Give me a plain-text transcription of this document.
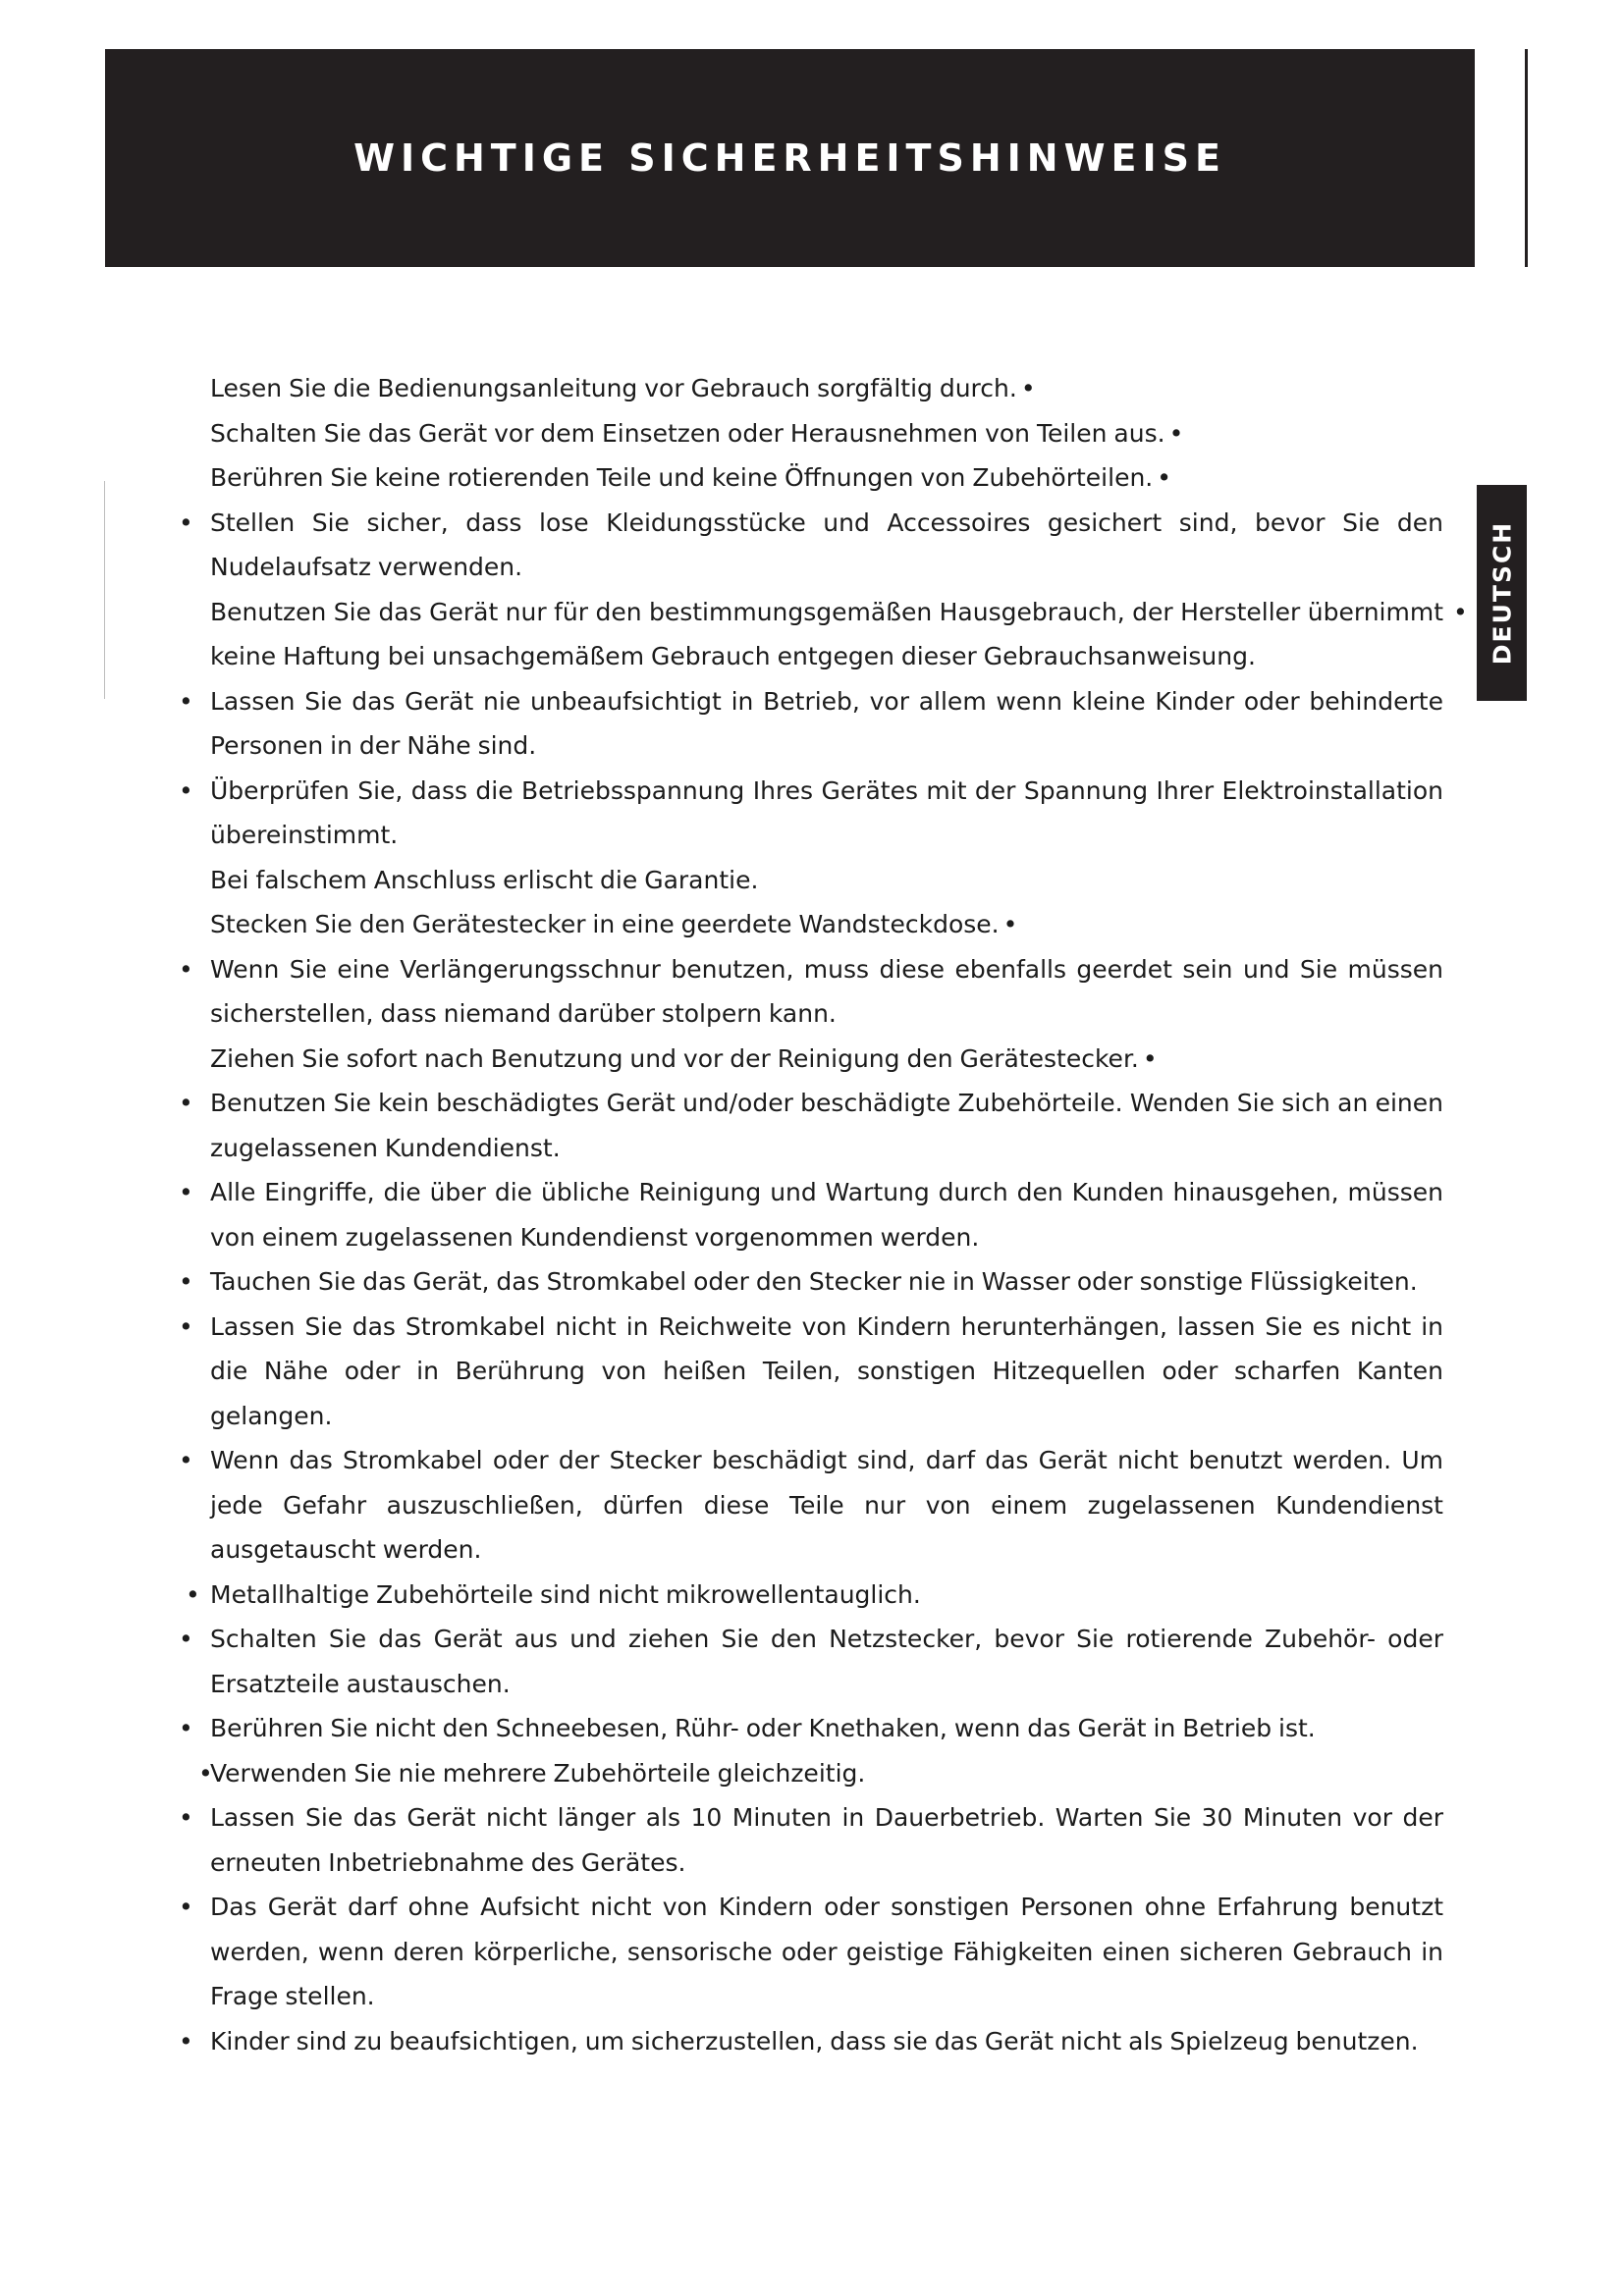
WICHTIGE SICHERHEITSHINWEISE
DEUTSCH
Lesen Sie die Bedienungsanleitung vor Gebrauch sorgfältig durch. •
Schalten Sie das Gerät vor dem Einsetzen oder Herausnehmen von Teilen aus. •
Berühren Sie keine rotierenden Teile und keine Öffnungen von Zubehörteilen. •
• Stellen Sie sicher, dass lose Kleidungsstücke und Accessoires gesichert sind, bevor Sie den Nudelaufsatz verwenden.
Benutzen Sie das Gerät nur für den bestimmungsgemäßen Hausgebrauch, der Hersteller übernimmt keine Haftung bei unsachgemäßem Gebrauch entgegen dieser Gebrauchsanweisung.
•
• Lassen Sie das Gerät nie unbeaufsichtigt in Betrieb, vor allem wenn kleine Kinder oder behinderte Personen in der Nähe sind.
• Überprüfen Sie, dass die Betriebsspannung Ihres Gerätes mit der Spannung Ihrer Elektroinstallation übereinstimmt.
Bei falschem Anschluss erlischt die Garantie.
Stecken Sie den Gerätestecker in eine geerdete Wandsteckdose. •
• Wenn Sie eine Verlängerungsschnur benutzen, muss diese ebenfalls geerdet sein und Sie müssen sicherstellen, dass niemand darüber stolpern kann.
Ziehen Sie sofort nach Benutzung und vor der Reinigung den Gerätestecker. •
• Benutzen Sie kein beschädigtes Gerät und/oder beschädigte Zubehörteile. Wenden Sie sich an einen zugelassenen Kundendienst.
• Alle Eingriffe, die über die übliche Reinigung und Wartung durch den Kunden hinausgehen, müssen von einem zugelassenen Kundendienst vorgenommen werden.
• Tauchen Sie das Gerät, das Stromkabel oder den Stecker nie in Wasser oder sonstige Flüssigkeiten.
• Lassen Sie das Stromkabel nicht in Reichweite von Kindern herunterhängen, lassen Sie es nicht in die Nähe oder in Berührung von heißen Teilen, sonstigen Hitzequellen oder scharfen Kanten gelangen.
• Wenn das Stromkabel oder der Stecker beschädigt sind, darf das Gerät nicht benutzt werden. Um jede Gefahr auszuschließen, dürfen diese Teile nur von einem zugelassenen Kundendienst ausgetauscht werden.
• Metallhaltige Zubehörteile sind nicht mikrowellentauglich.
• Schalten Sie das Gerät aus und ziehen Sie den Netzstecker, bevor Sie rotierende Zubehör- oder Ersatzteile austauschen.
• Berühren Sie nicht den Schneebesen, Rühr- oder Knethaken, wenn das Gerät in Betrieb ist.
•
Verwenden Sie nie mehrere Zubehörteile gleichzeitig.
• Lassen Sie das Gerät nicht länger als 10 Minuten in Dauerbetrieb. Warten Sie 30 Minuten vor der erneuten Inbetriebnahme des Gerätes.
• Das Gerät darf ohne Aufsicht nicht von Kindern oder sonstigen Personen ohne Erfahrung benutzt werden, wenn deren körperliche, sensorische oder geistige Fähigkeiten einen sicheren Gebrauch in Frage stellen.
• Kinder sind zu beaufsichtigen, um sicherzustellen, dass sie das Gerät nicht als Spielzeug benutzen.
